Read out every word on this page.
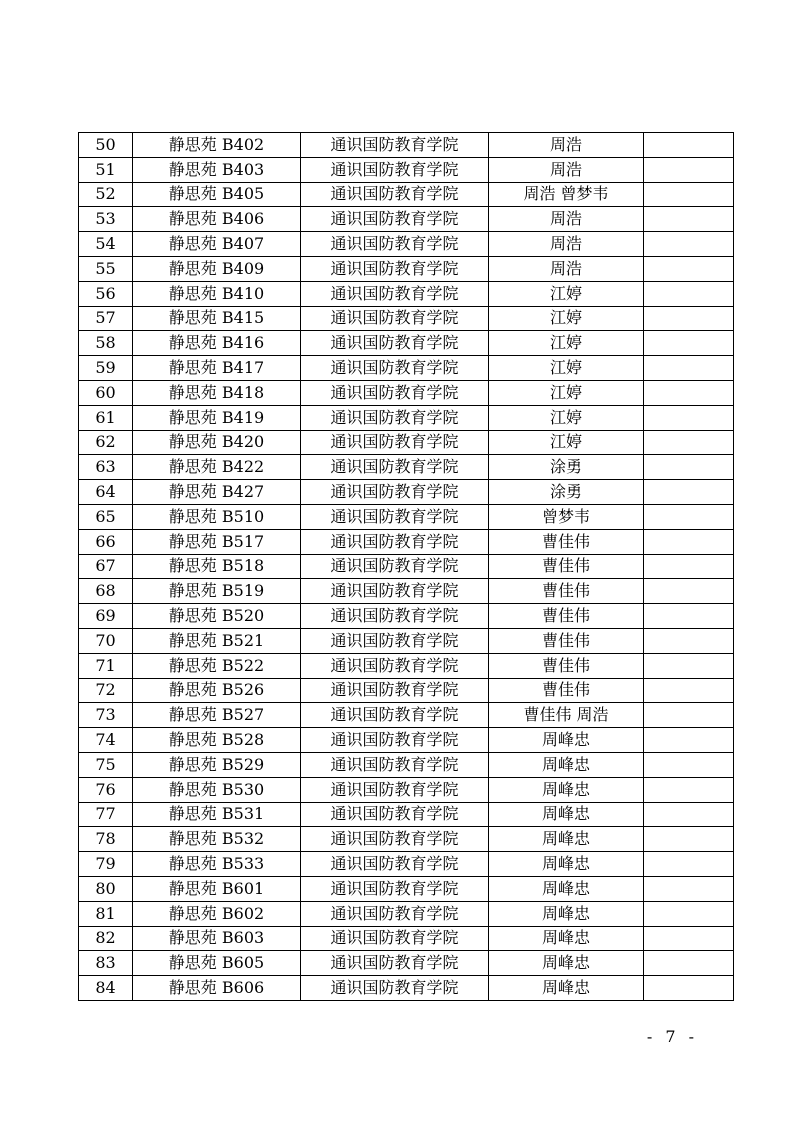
50	静思苑 B402	通识国防教育学院	周浩	
51	静思苑 B403	通识国防教育学院	周浩	
52	静思苑 B405	通识国防教育学院	周浩 曾梦韦	
53	静思苑 B406	通识国防教育学院	周浩	
54	静思苑 B407	通识国防教育学院	周浩	
55	静思苑 B409	通识国防教育学院	周浩	
56	静思苑 B410	通识国防教育学院	江婷	
57	静思苑 B415	通识国防教育学院	江婷	
58	静思苑 B416	通识国防教育学院	江婷	
59	静思苑 B417	通识国防教育学院	江婷	
60	静思苑 B418	通识国防教育学院	江婷	
61	静思苑 B419	通识国防教育学院	江婷	
62	静思苑 B420	通识国防教育学院	江婷	
63	静思苑 B422	通识国防教育学院	涂勇	
64	静思苑 B427	通识国防教育学院	涂勇	
65	静思苑 B510	通识国防教育学院	曾梦韦	
66	静思苑 B517	通识国防教育学院	曹佳伟	
67	静思苑 B518	通识国防教育学院	曹佳伟	
68	静思苑 B519	通识国防教育学院	曹佳伟	
69	静思苑 B520	通识国防教育学院	曹佳伟	
70	静思苑 B521	通识国防教育学院	曹佳伟	
71	静思苑 B522	通识国防教育学院	曹佳伟	
72	静思苑 B526	通识国防教育学院	曹佳伟	
73	静思苑 B527	通识国防教育学院	曹佳伟 周浩	
74	静思苑 B528	通识国防教育学院	周峰忠	
75	静思苑 B529	通识国防教育学院	周峰忠	
76	静思苑 B530	通识国防教育学院	周峰忠	
77	静思苑 B531	通识国防教育学院	周峰忠	
78	静思苑 B532	通识国防教育学院	周峰忠	
79	静思苑 B533	通识国防教育学院	周峰忠	
80	静思苑 B601	通识国防教育学院	周峰忠	
81	静思苑 B602	通识国防教育学院	周峰忠	
82	静思苑 B603	通识国防教育学院	周峰忠	
83	静思苑 B605	通识国防教育学院	周峰忠	
84	静思苑 B606	通识国防教育学院	周峰忠	
- 7 -
